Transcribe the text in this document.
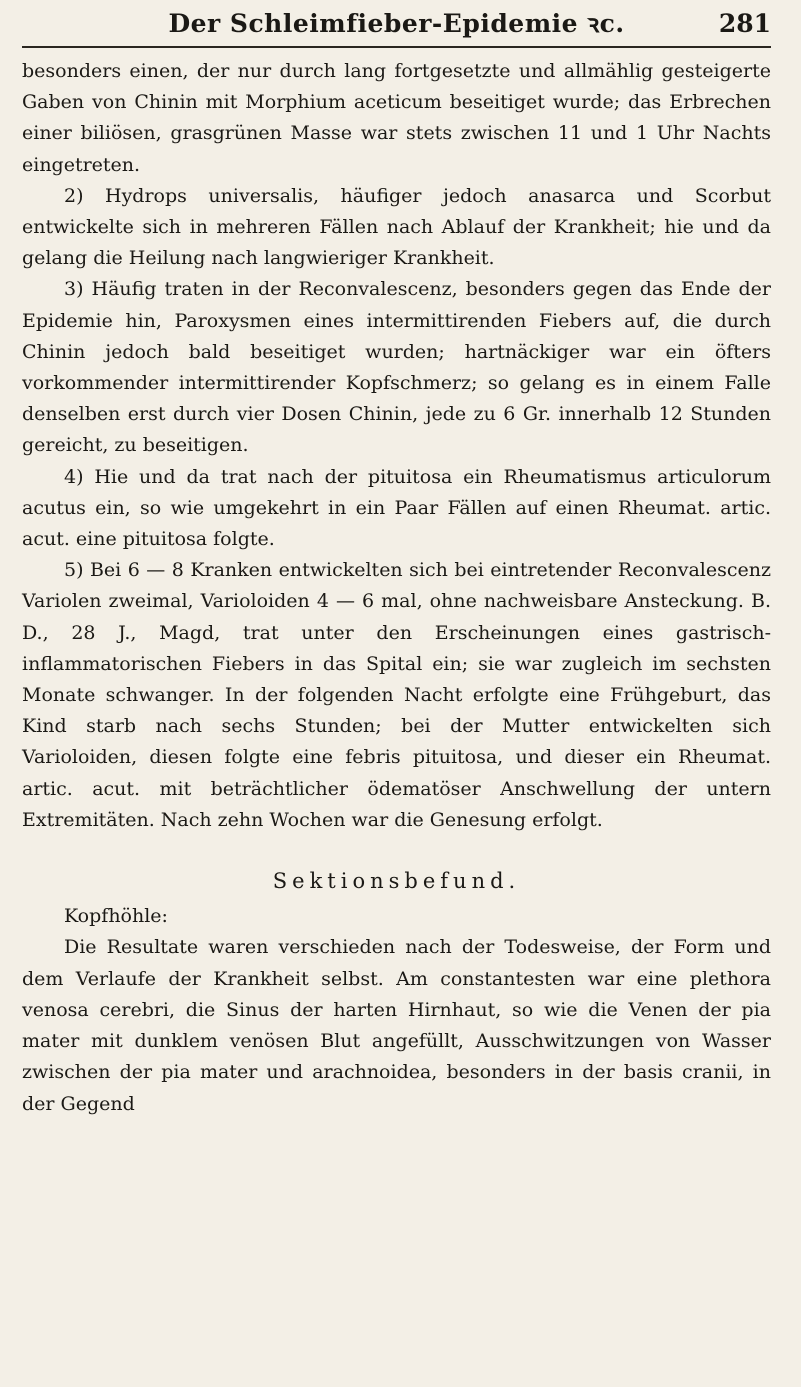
Der Schleimfieber-Epidemie ꝛc.	281

besonders einen, der nur durch lang fortgesetzte und allmählig gesteigerte Gaben von Chinin mit Morphium aceticum beseitiget wurde; das Erbrechen einer biliösen, grasgrünen Masse war stets zwischen 11 und 1 Uhr Nachts eingetreten.

2) Hydrops universalis, häufiger jedoch anasarca und Scorbut entwickelte sich in mehreren Fällen nach Ablauf der Krankheit; hie und da gelang die Heilung nach langwieriger Krankheit.

3) Häufig traten in der Reconvalescenz, besonders gegen das Ende der Epidemie hin, Paroxysmen eines intermittirenden Fiebers auf, die durch Chinin jedoch bald beseitiget wurden; hartnäckiger war ein öfters vorkommender intermittirender Kopfschmerz; so gelang es in einem Falle denselben erst durch vier Dosen Chinin, jede zu 6 Gr. innerhalb 12 Stunden gereicht, zu beseitigen.

4) Hie und da trat nach der pituitosa ein Rheumatismus articulorum acutus ein, so wie umgekehrt in ein Paar Fällen auf einen Rheumat. artic. acut. eine pituitosa folgte.

5) Bei 6 — 8 Kranken entwickelten sich bei eintretender Reconvalescenz Variolen zweimal, Varioloiden 4 — 6 mal, ohne nachweisbare Ansteckung. B. D., 28 J., Magd, trat unter den Erscheinungen eines gastrisch-inflammatorischen Fiebers in das Spital ein; sie war zugleich im sechsten Monate schwanger. In der folgenden Nacht erfolgte eine Frühgeburt, das Kind starb nach sechs Stunden; bei der Mutter entwickelten sich Varioloiden, diesen folgte eine febris pituitosa, und dieser ein Rheumat. artic. acut. mit beträchtlicher ödematöser Anschwellung der untern Extremitäten. Nach zehn Wochen war die Genesung erfolgt.

Sektionsbefund.

Kopfhöhle:

Die Resultate waren verschieden nach der Todesweise, der Form und dem Verlaufe der Krankheit selbst. Am constantesten war eine plethora venosa cerebri, die Sinus der harten Hirnhaut, so wie die Venen der pia mater mit dunklem venösen Blut angefüllt, Ausschwitzungen von Wasser zwischen der pia mater und arachnoidea, besonders in der basis cranii, in der Gegend
